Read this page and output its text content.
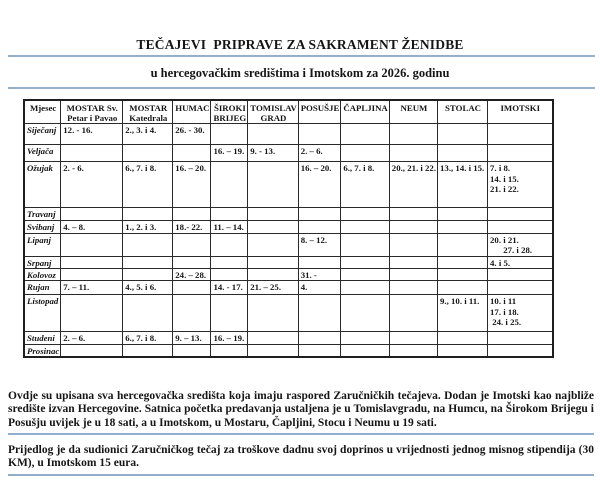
TEČAJEVI  PRIPRAVE ZA SAKRAMENT ŽENIDBE
u hercegovačkim središtima i Imotskom za 2026. godinu
Mjesec	MOSTAR Sv. Petar i Pavao	MOSTAR Katedrala	HUMAC	ŠIROKI BRIJEG	TOMISLAV GRAD	POSUŠJE	ČAPLJINA	NEUM	STOLAC	IMOTSKI
Siječanj	12. - 16.	2., 3. i 4.	26. - 30.							
Veljača				16. – 19.	9. - 13.	2. – 6.				
Ožujak	2. - 6.	6., 7. i 8.	16. – 20.			16. – 20.	6., 7. i 8.	20., 21. i 22.	13., 14. i 15.	7. i 8.
14. i 15.
21. i 22.

Travanj										
Svibanj	4. – 8.	1., 2. i 3.	18.- 22.	11. – 14.						
Lipanj						8. – 12.				20. i 21.
27. i 28.

Srpanj										4. i 5.
Kolovoz			24. – 28.			31. -				
Rujan	7. – 11.	4., 5. i 6.		14. - 17.	21. – 25.	4.				
Listopad									9., 10. i 11.	10. i 11
17. i 18.
24. i 25.

Studeni	2. – 6.	6., 7. i 8.	9. – 13.	16. – 19.						
Prosinac										
Ovdje su upisana sva hercegovačka središta koja imaju raspored Zaručničkih tečajeva. Dodan je Imotski kao najbliže središte izvan Hercegovine. Satnica početka predavanja ustaljena je u Tomislavgradu, na Humcu, na Širokom Brijegu i Posušju uvijek je u 18 sati, a u Imotskom, u Mostaru, Čapljini, Stocu i Neumu u 19 sati.
Prijedlog je da sudionici Zaručničkog tečaj za troškove dadnu svoj doprinos u vrijednosti jednog misnog stipendija (30 KM), u Imotskom 15 eura.
